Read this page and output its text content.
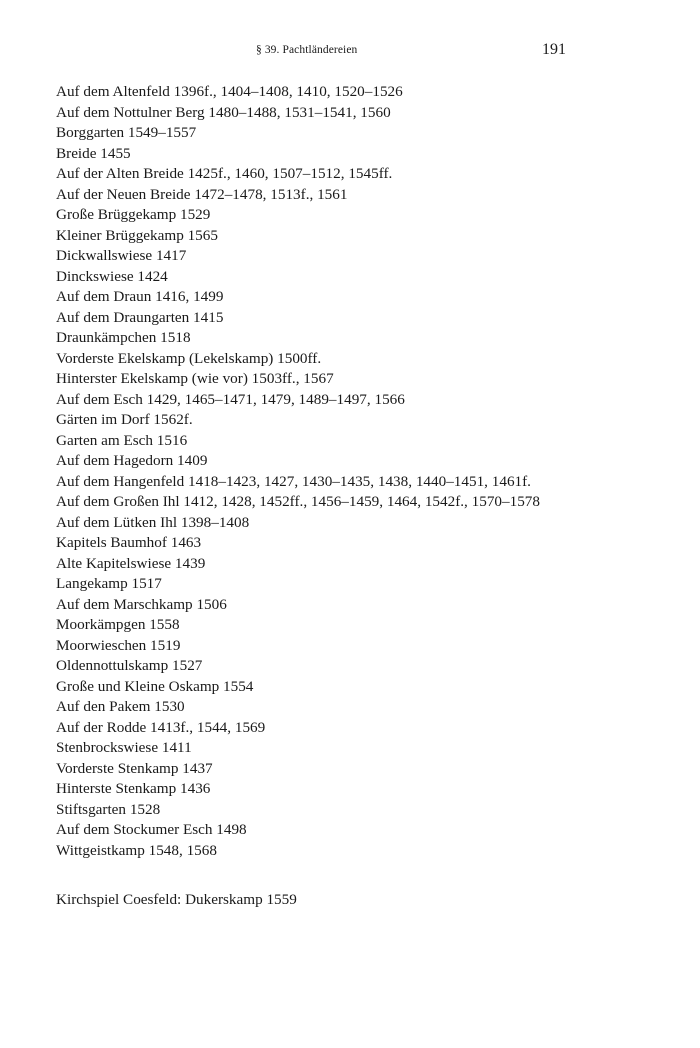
§ 39. Pachtländereien	191
Auf dem Altenfeld 1396f., 1404–1408, 1410, 1520–1526
Auf dem Nottulner Berg 1480–1488, 1531–1541, 1560
Borggarten 1549–1557
Breide 1455
Auf der Alten Breide 1425f., 1460, 1507–1512, 1545ff.
Auf der Neuen Breide 1472–1478, 1513f., 1561
Große Brüggekamp 1529
Kleiner Brüggekamp 1565
Dickwallswiese 1417
Dinckswiese 1424
Auf dem Draun 1416, 1499
Auf dem Draungarten 1415
Draunkämpchen 1518
Vorderste Ekelskamp (Lekelskamp) 1500ff.
Hinterster Ekelskamp (wie vor) 1503ff., 1567
Auf dem Esch 1429, 1465–1471, 1479, 1489–1497, 1566
Gärten im Dorf 1562f.
Garten am Esch 1516
Auf dem Hagedorn 1409
Auf dem Hangenfeld 1418–1423, 1427, 1430–1435, 1438, 1440–1451, 1461f.
Auf dem Großen Ihl 1412, 1428, 1452ff., 1456–1459, 1464, 1542f., 1570–1578
Auf dem Lütken Ihl 1398–1408
Kapitels Baumhof 1463
Alte Kapitelswiese 1439
Langekamp 1517
Auf dem Marschkamp 1506
Moorkämpgen 1558
Moorwieschen 1519
Oldennottulskamp 1527
Große und Kleine Oskamp 1554
Auf den Pakem 1530
Auf der Rodde 1413f., 1544, 1569
Stenbrockswiese 1411
Vorderste Stenkamp 1437
Hinterste Stenkamp 1436
Stiftsgarten 1528
Auf dem Stockumer Esch 1498
Wittgeistkamp 1548, 1568
Kirchspiel Coesfeld: Dukerskamp 1559
